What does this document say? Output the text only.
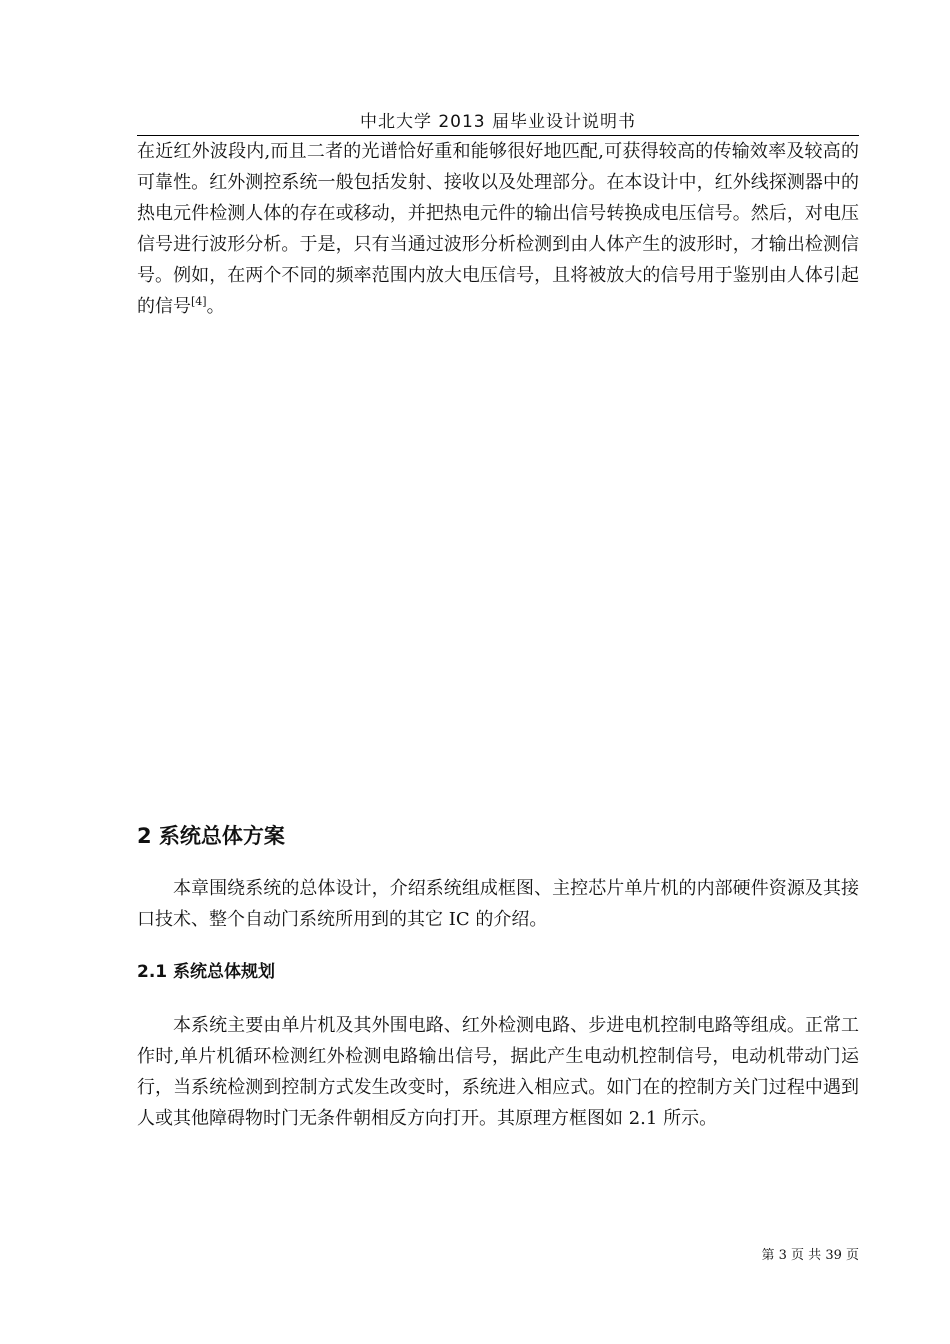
中北大学 2013 届毕业设计说明书

在近红外波段内,而且二者的光谱恰好重和能够很好地匹配,可获得较高的传输效率及较高的可靠性。红外测控系统一般包括发射、接收以及处理部分。在本设计中，红外线探测器中的热电元件检测人体的存在或移动，并把热电元件的输出信号转换成电压信号。然后，对电压信号进行波形分析。于是，只有当通过波形分析检测到由人体产生的波形时，才输出检测信号。例如，在两个不同的频率范围内放大电压信号，且将被放大的信号用于鉴别由人体引起的信号[4]。

2 系统总体方案

本章围绕系统的总体设计，介绍系统组成框图、主控芯片单片机的内部硬件资源及其接口技术、整个自动门系统所用到的其它 IC 的介绍。

2.1 系统总体规划

本系统主要由单片机及其外围电路、红外检测电路、步进电机控制电路等组成。正常工作时,单片机循环检测红外检测电路输出信号，据此产生电动机控制信号，电动机带动门运行，当系统检测到控制方式发生改变时，系统进入相应式。如门在的控制方关门过程中遇到人或其他障碍物时门无条件朝相反方向打开。其原理方框图如 2.1 所示。

第 3 页 共 39 页
